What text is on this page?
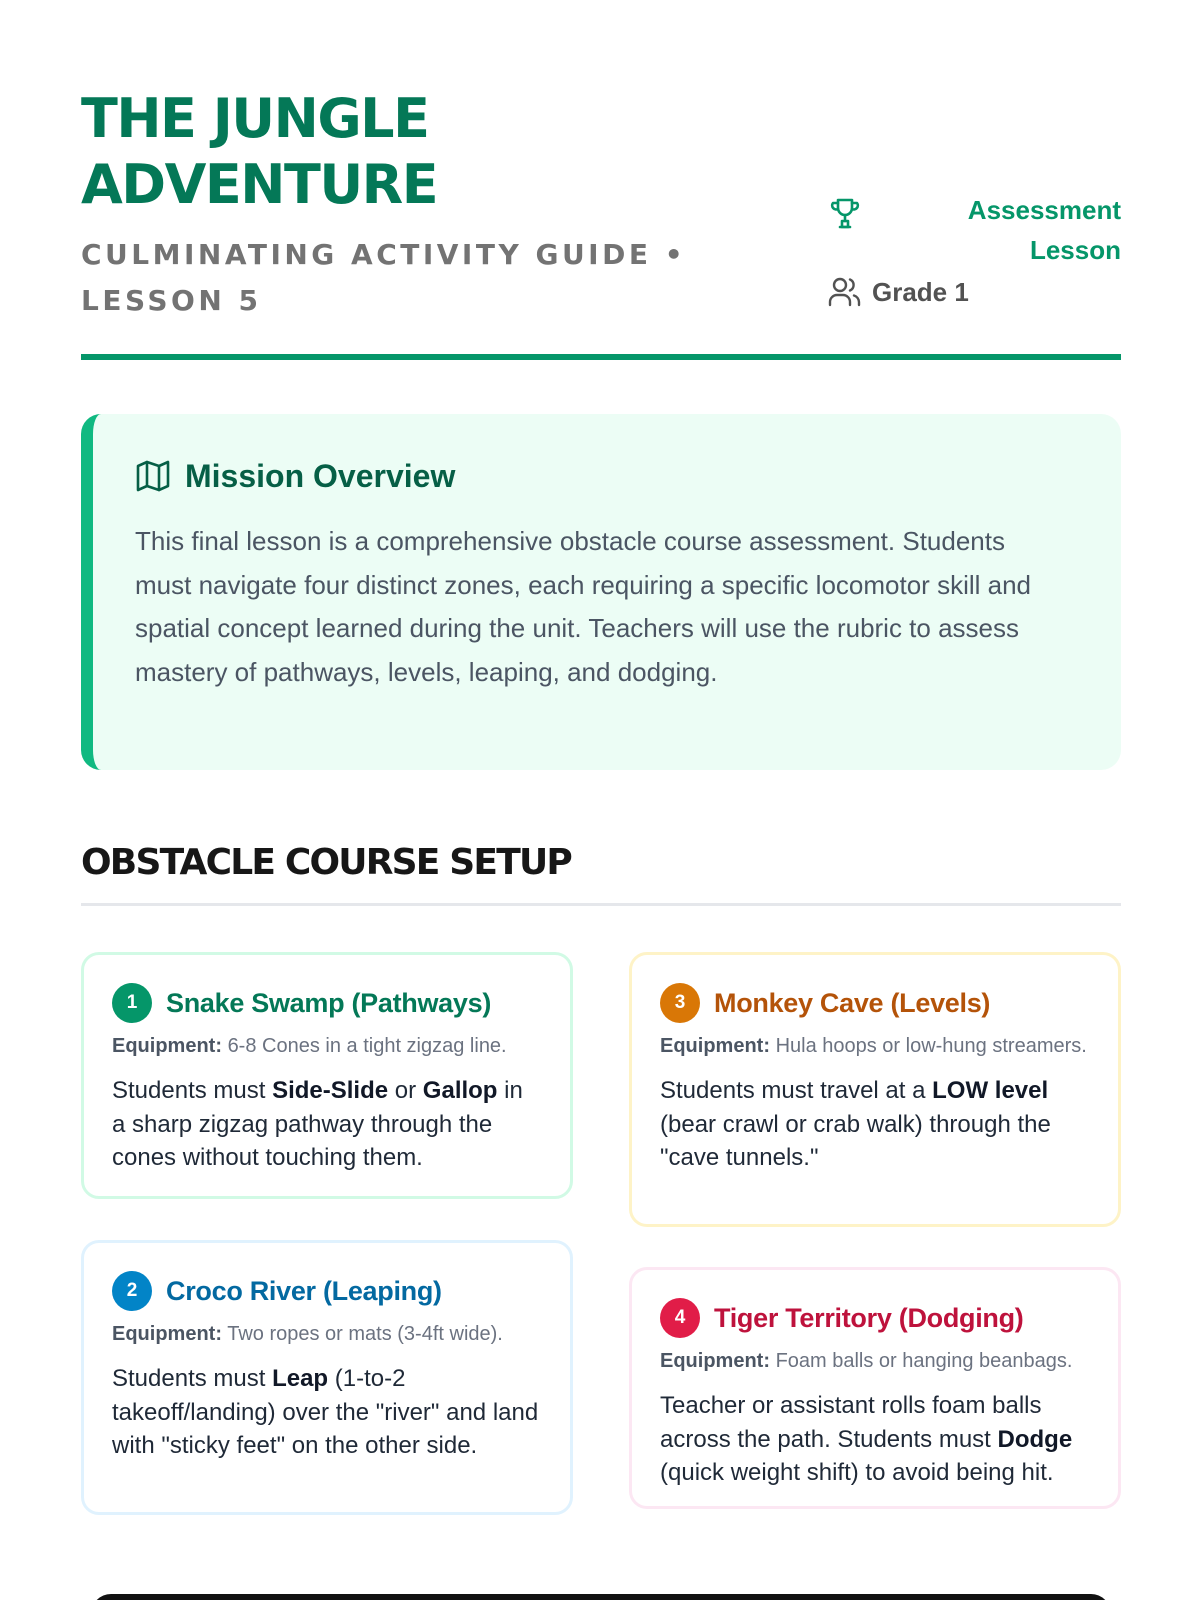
THE JUNGLE
ADVENTURE
CULMINATING ACTIVITY GUIDE • LESSON 5
Assessment
Lesson
Grade 1
Mission Overview

This final lesson is a comprehensive obstacle course assessment. Students must navigate four distinct zones, each requiring a specific locomotor skill and spatial concept learned during the unit. Teachers will use the rubric to assess mastery of pathways, levels, leaping, and dodging.

OBSTACLE COURSE SETUP
1	Snake Swamp (Pathways)
Equipment: 6-8 Cones in a tight zigzag line.

Students must Side-Slide or Gallop in a sharp zigzag pathway through the cones without touching them.

2	Croco River (Leaping)
Equipment: Two ropes or mats (3-4ft wide).

Students must Leap (1-to-2 takeoff/landing) over the "river" and land with "sticky feet" on the other side.

3	Monkey Cave (Levels)
Equipment: Hula hoops or low-hung streamers.

Students must travel at a LOW level (bear crawl or crab walk) through the "cave tunnels."

4	Tiger Territory (Dodging)
Equipment: Foam balls or hanging beanbags.

Teacher or assistant rolls foam balls across the path. Students must Dodge (quick weight shift) to avoid being hit.
